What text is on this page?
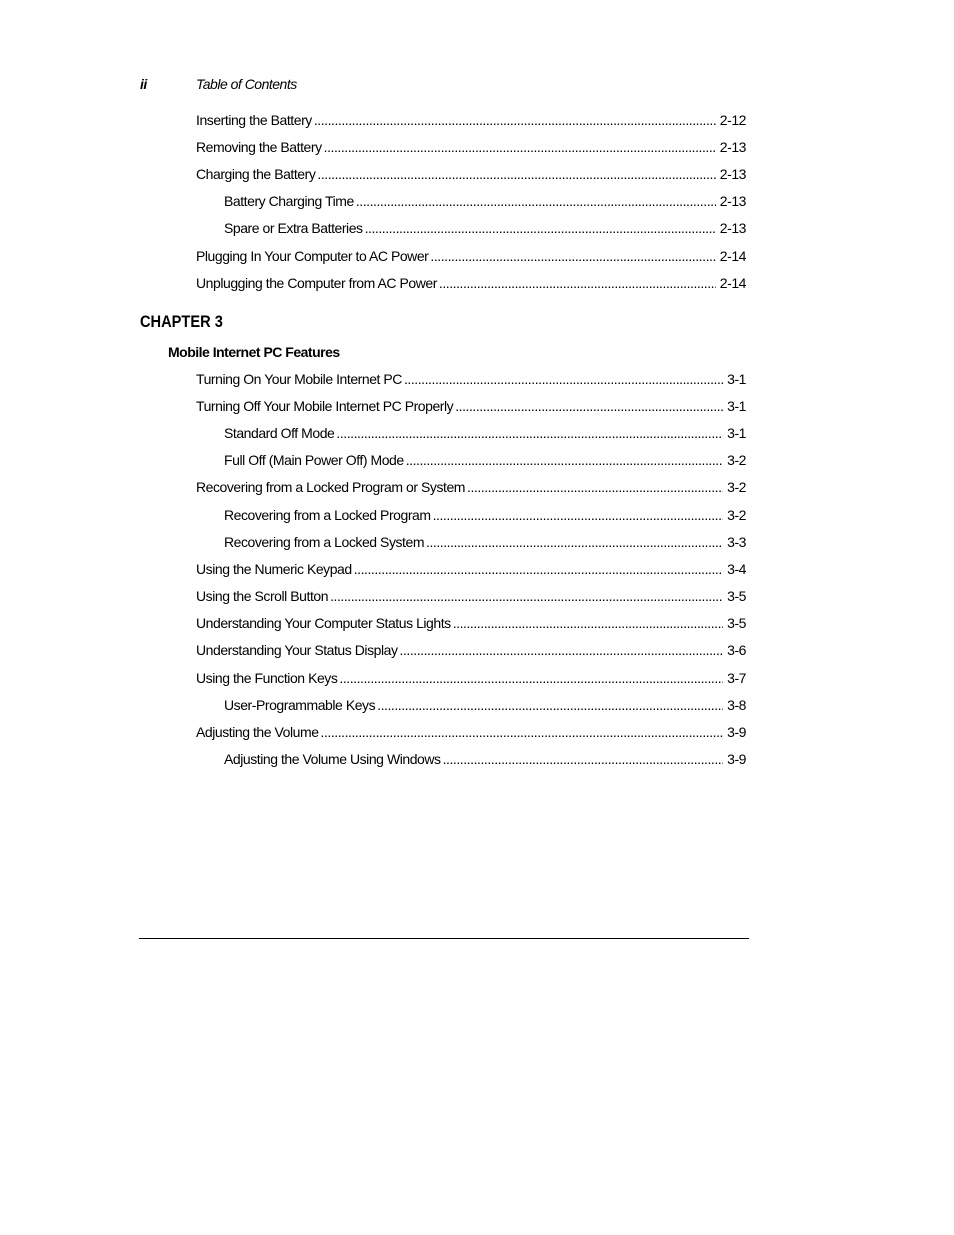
ii	Table of Contents
Inserting the Battery .....	2-12
Removing the Battery .....	2-13
Charging the Battery .....	2-13
Battery Charging Time .....	2-13
Spare or Extra Batteries .....	2-13
Plugging In Your Computer to AC Power .....	2-14
Unplugging the Computer from AC Power .....	2-14
CHAPTER 3
Mobile Internet PC Features
Turning On Your Mobile Internet PC .....	3-1
Turning Off Your Mobile Internet PC Properly .....	3-1
Standard Off Mode .....	3-1
Full Off (Main Power Off) Mode .....	3-2
Recovering from a Locked Program or System .....	3-2
Recovering from a Locked Program .....	3-2
Recovering from a Locked System .....	3-3
Using the Numeric Keypad .....	3-4
Using the Scroll Button .....	3-5
Understanding Your Computer Status Lights .....	3-5
Understanding Your Status Display .....	3-6
Using the Function Keys .....	3-7
User-Programmable Keys .....	3-8
Adjusting the Volume .....	3-9
Adjusting the Volume Using Windows .....	3-9
